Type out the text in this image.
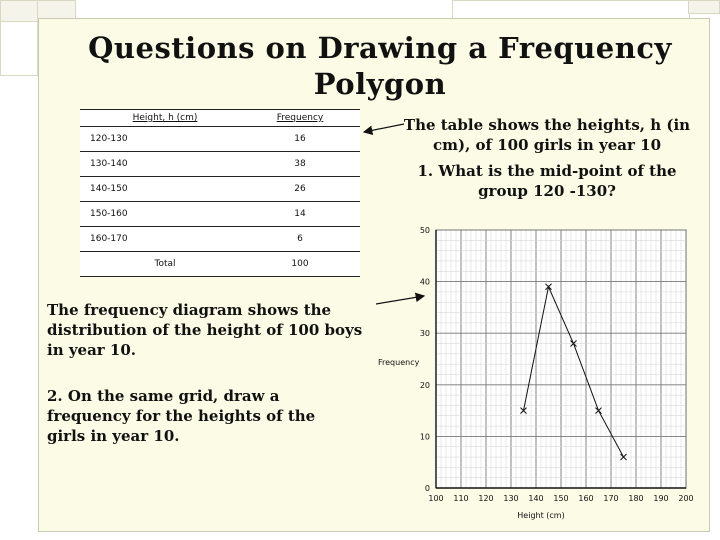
Questions on Drawing a Frequency Polygon
Height, h (cm)	Frequency
120-130	16
130-140	38
140-150	26
150-160	14
160-170	6
Total	100
The table shows the heights, h (in cm), of 100 girls in year 10
1. What is the mid-point of the group 120 -130?
The frequency diagram shows the distribution of the height of 100 boys in year 10.
2. On the same grid, draw a frequency for the heights of the girls in year 10.
100 110 120 130 140 150 160 170 180 190 200
0
10
20
30
40
50
Height (cm)
Frequency
